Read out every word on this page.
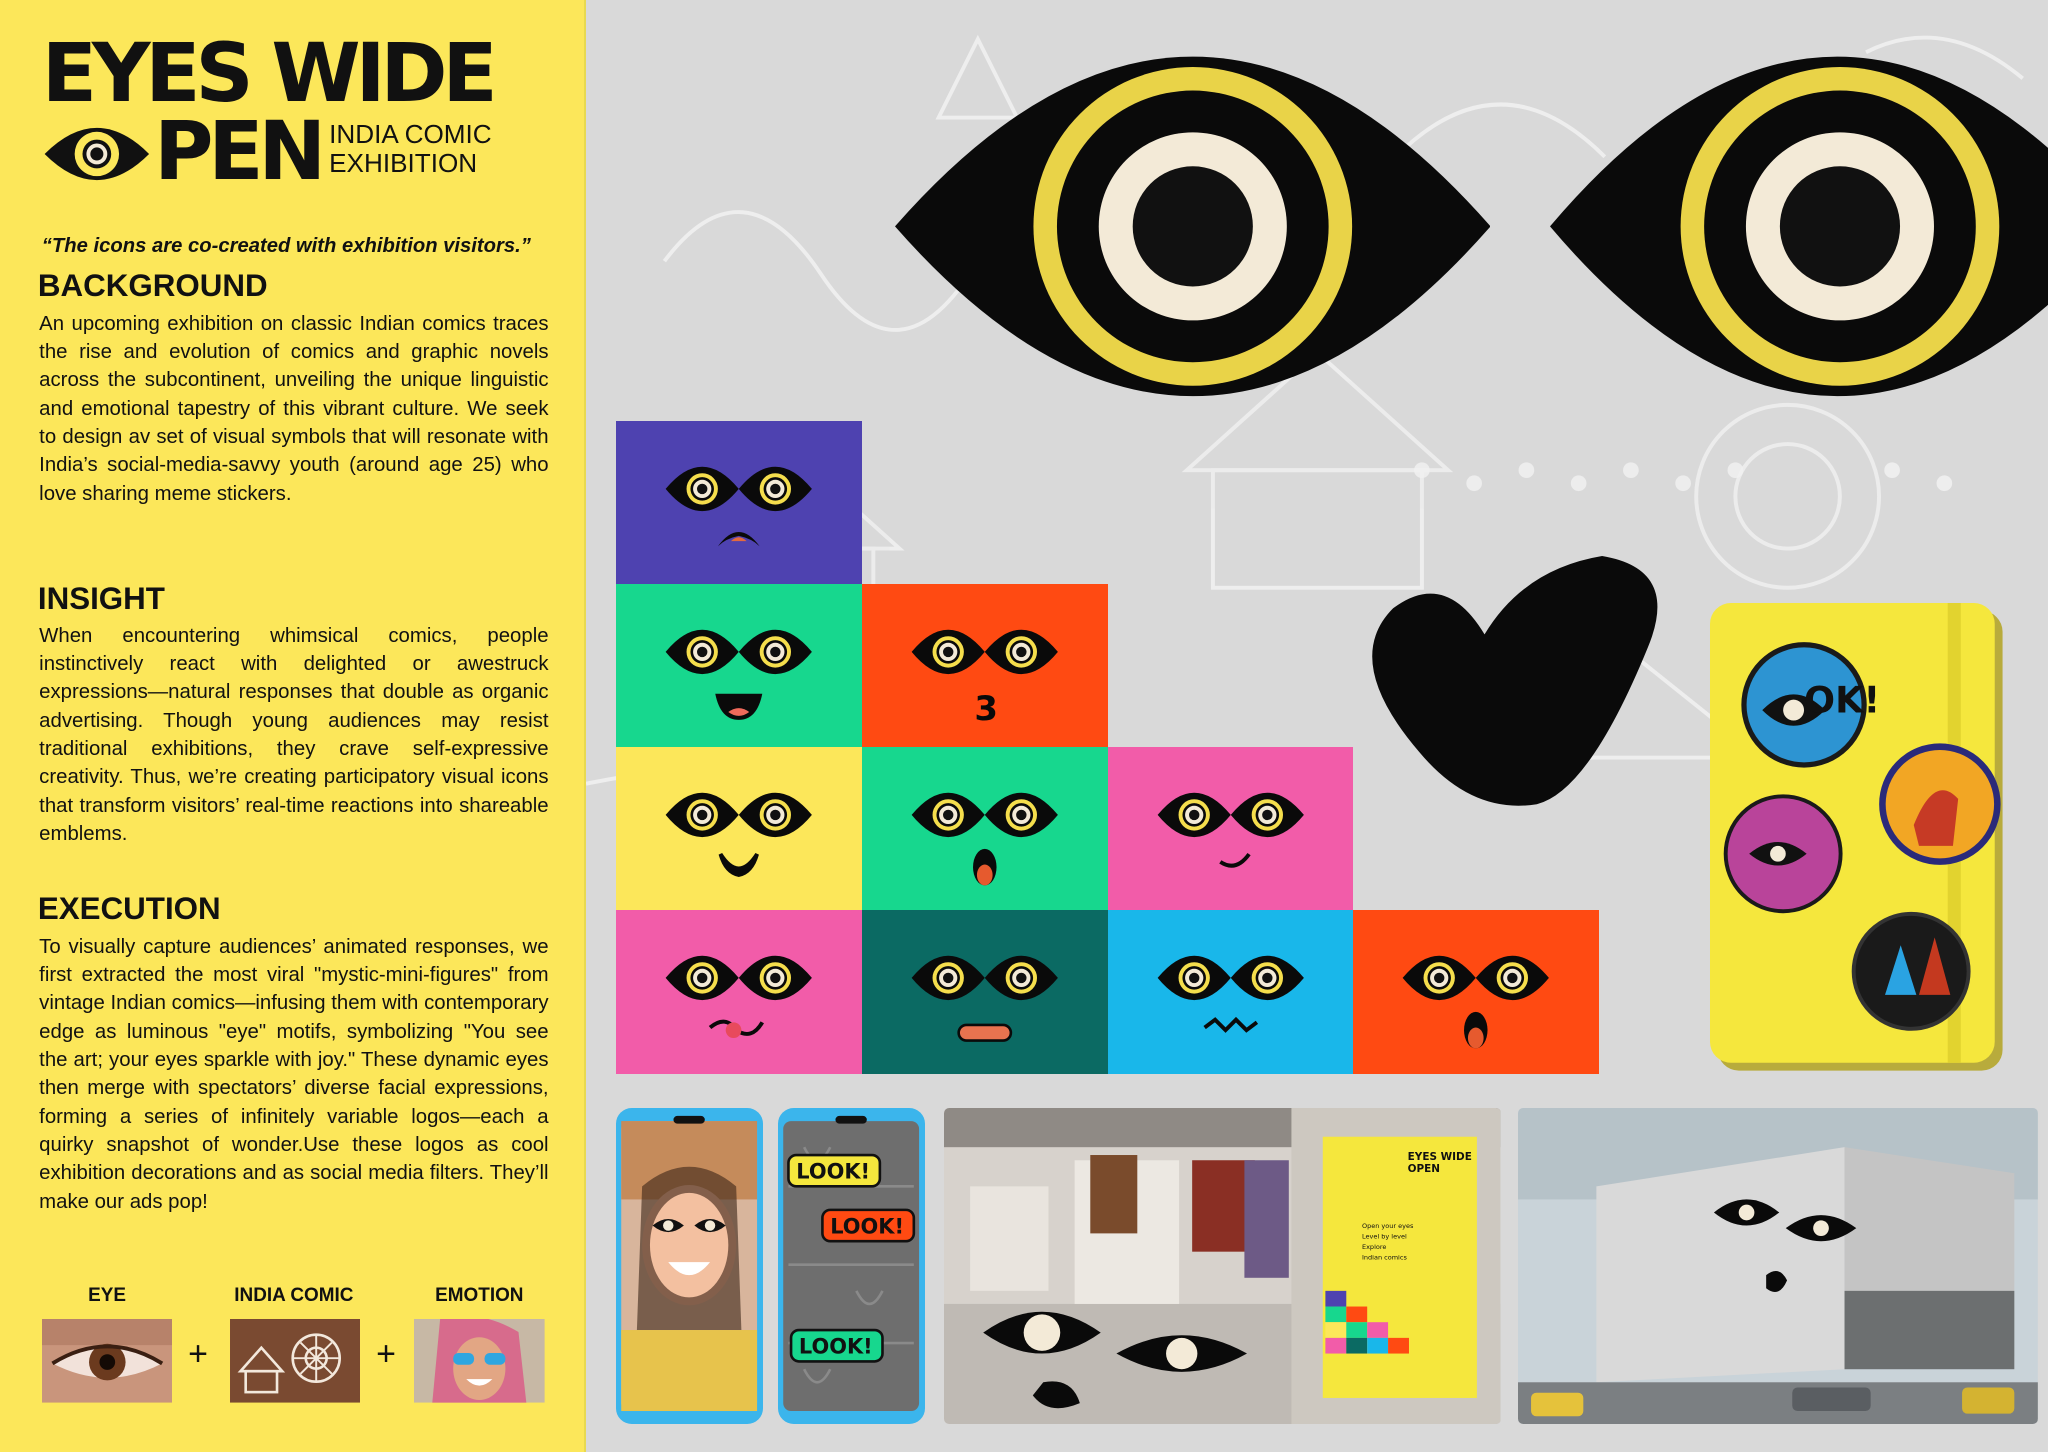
EYES WIDE
PEN INDIA COMIC
EXHIBITION
“The icons are co-created with exhibition visitors.”
BACKGROUND
An upcoming exhibition on classic Indian comics traces the rise and evolution of comics and graphic novels across the subcontinent, unveiling the unique linguistic and emotional tapestry of this vibrant culture. We seek to design av set of visual symbols that will resonate with India’s social-media-savvy youth (around age 25) who love sharing meme stickers.
INSIGHT
When encountering whimsical comics, people instinctively react with delighted or awestruck expressions—natural responses that double as organic advertising. Though young audiences may resist traditional exhibitions, they crave self-expressive creativity. Thus, we’re creating participatory visual icons that transform visitors’ real-time reactions into shareable emblems.
EXECUTION
To visually capture audiences’ animated responses, we first extracted the most viral "mystic-mini-figures" from vintage Indian comics—infusing them with contemporary edge as luminous "eye" motifs, symbolizing "You see the art; your eyes sparkle with joy." These dynamic eyes then merge with spectators’ diverse facial expressions, forming a series of infinitely variable logos—each a quirky snapshot of wonder.Use these logos as cool exhibition decorations and as social media filters. They’ll make our ads pop!
EYE	INDIA COMIC	EMOTION
+	+
3	OK!
LOOK!
LOOK!
LOOK!
EYES WIDE
OPEN
Open your eyes
Level by level
Explore
Indian comics
